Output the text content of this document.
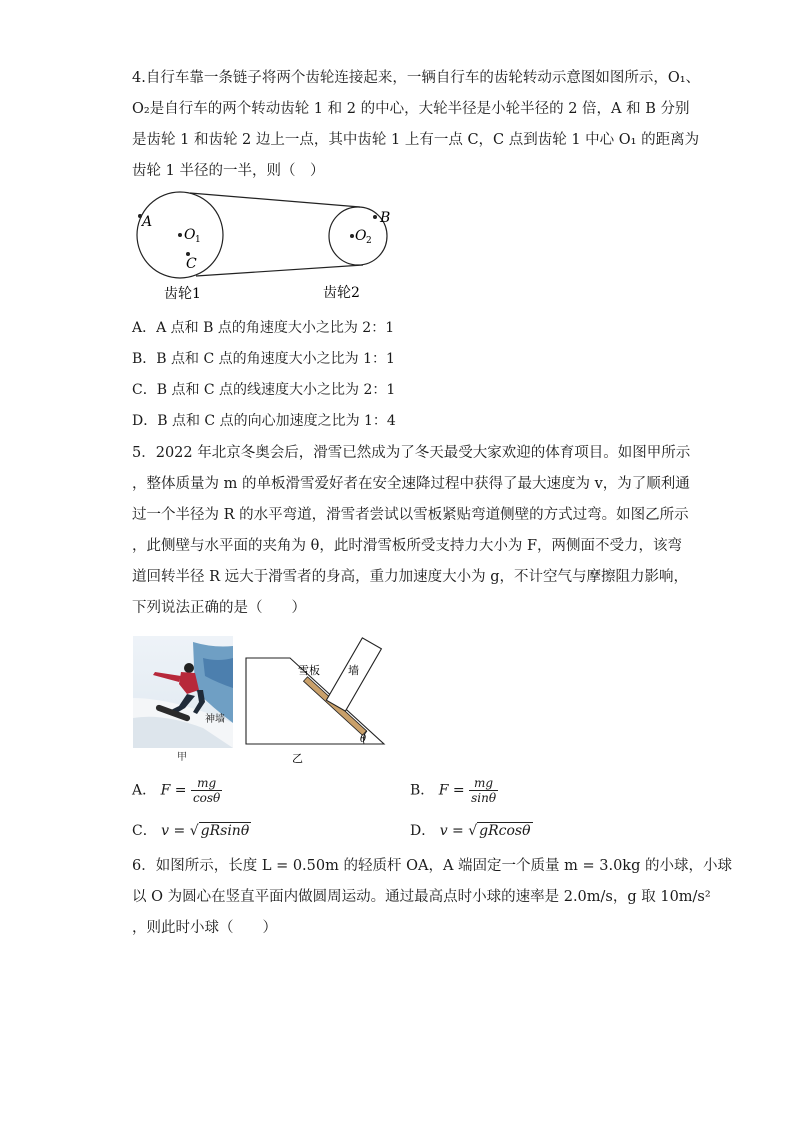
4.自行车靠一条链子将两个齿轮连接起来，一辆自行车的齿轮转动示意图如图所示，O₁、
O₂是自行车的两个转动齿轮 1 和 2 的中心，大轮半径是小轮半径的 2 倍，A 和 B 分别
是齿轮 1 和齿轮 2 边上一点，其中齿轮 1 上有一点 C，C 点到齿轮 1 中心 O₁ 的距离为
齿轮 1 半径的一半，则（　）
A
O 1
C
O 2
B
齿轮1	齿轮2
A．A 点和 B 点的角速度大小之比为 2：1
B．B 点和 C 点的角速度大小之比为 1：1
C．B 点和 C 点的线速度大小之比为 2：1
D．B 点和 C 点的向心加速度之比为 1：4
5．2022 年北京冬奥会后，滑雪已然成为了冬天最受大家欢迎的体育项目。如图甲所示
，整体质量为 m 的单板滑雪爱好者在安全速降过程中获得了最大速度为 v，为了顺利通
过一个半径为 R 的水平弯道，滑雪者尝试以雪板紧贴弯道侧壁的方式过弯。如图乙所示
，此侧壁与水平面的夹角为 θ，此时滑雪板所受支持力大小为 F，两侧面不受力，该弯
道回转半径 R 远大于滑雪者的身高，重力加速度大小为 g，不计空气与摩擦阻力影响，
下列说法正确的是（　　）
神墙
甲
雪板	墙
θ
乙
A． $F = \frac{mg}{\cos\theta}$	B． $F = \frac{mg}{\sin\theta}$
C． v = √ gRsinθ	D． v = √ gRcosθ
6．如图所示，长度 L = 0.50m 的轻质杆 OA，A 端固定一个质量 m = 3.0kg 的小球，小球
以 O 为圆心在竖直平面内做圆周运动。通过最高点时小球的速率是 2.0m/s，g 取 10m/s²
，则此时小球（　　）
